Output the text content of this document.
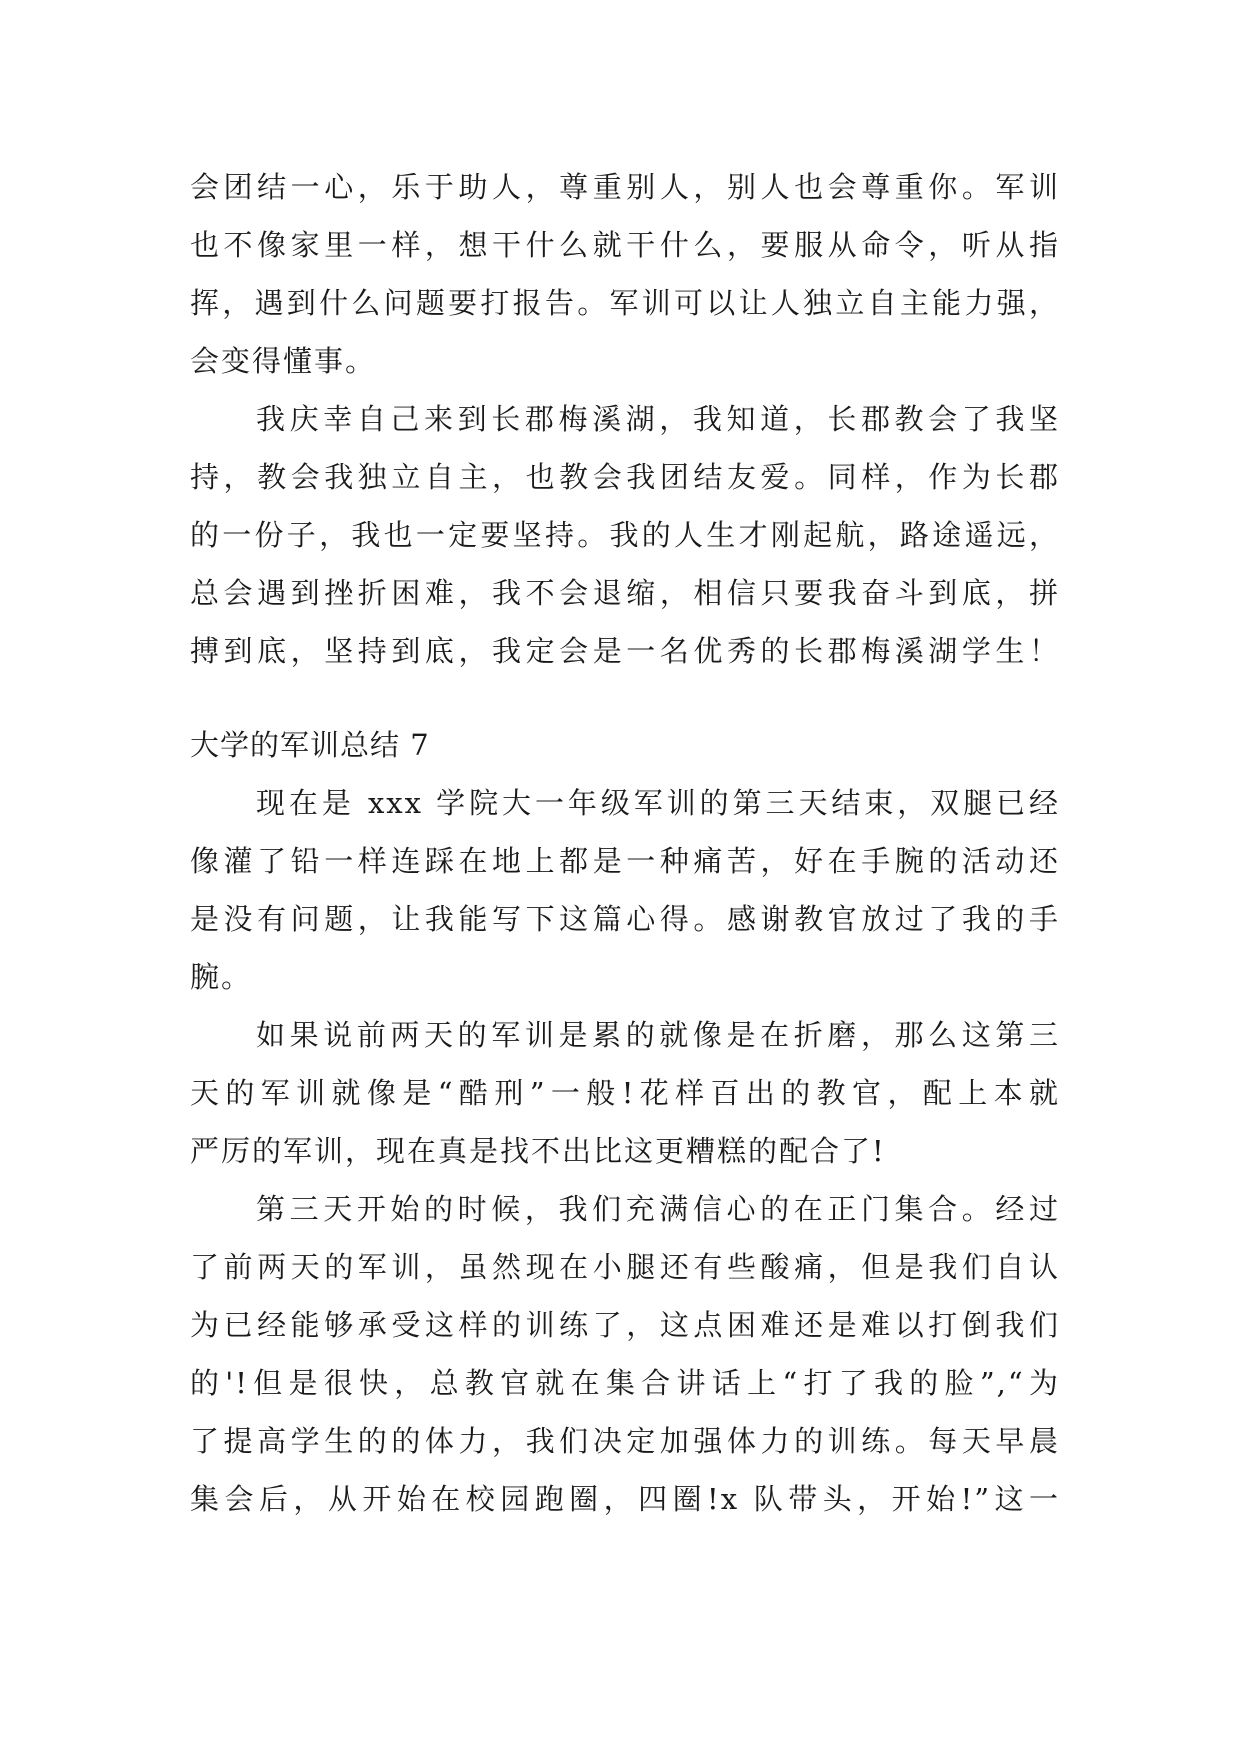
会团结一心，乐于助人，尊重别人，别人也会尊重你。军训
也不像家里一样，想干什么就干什么，要服从命令，听从指
挥，遇到什么问题要打报告。军训可以让人独立自主能力强，
会变得懂事。
我庆幸自己来到长郡梅溪湖，我知道，长郡教会了我坚
持，教会我独立自主，也教会我团结友爱。同样，作为长郡
的一份子，我也一定要坚持。我的人生才刚起航，路途遥远，
总会遇到挫折困难，我不会退缩，相信只要我奋斗到底，拼
搏到底，坚持到底，我定会是一名优秀的长郡梅溪湖学生！
大学的军训总结 7
现在是 xxx 学院大一年级军训的第三天结束，双腿已经
像灌了铅一样连踩在地上都是一种痛苦，好在手腕的活动还
是没有问题，让我能写下这篇心得。感谢教官放过了我的手
腕。
如果说前两天的军训是累的就像是在折磨，那么这第三
天的军训就像是“酷刑”一般!花样百出的教官，配上本就
严厉的军训，现在真是找不出比这更糟糕的配合了!
第三天开始的时候，我们充满信心的在正门集合。经过
了前两天的军训，虽然现在小腿还有些酸痛，但是我们自认
为已经能够承受这样的训练了，这点困难还是难以打倒我们
的'!但是很快，总教官就在集合讲话上“打了我的脸”,“为
了提高学生的的体力，我们决定加强体力的训练。每天早晨
集会后，从开始在校园跑圈，四圈!x 队带头，开始!”这一
